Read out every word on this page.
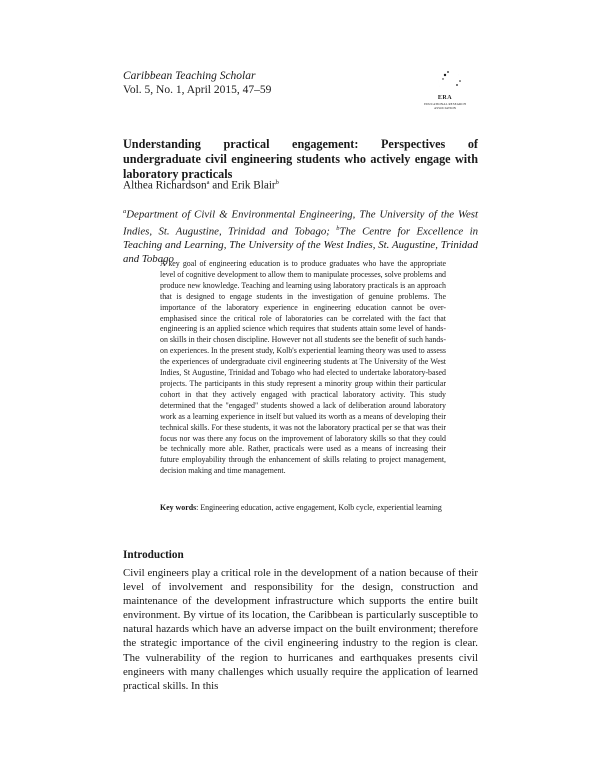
Caribbean Teaching Scholar
Vol. 5, No. 1, April 2015, 47–59
ERA
EDUCATIONAL RESEARCH ASSOCIATION
Understanding practical engagement: Perspectives of undergraduate civil engineering students who actively engage with laboratory practicals
Althea Richardson$^a$ and Erik Blair$^b$
$^a$Department of Civil & Environmental Engineering, The University of the West Indies, St. Augustine, Trinidad and Tobago; $^b$The Centre for Excellence in Teaching and Learning, The University of the West Indies, St. Augustine, Trinidad and Tobago

A key goal of engineering education is to produce graduates who have the appropriate level of cognitive development to allow them to manipulate processes, solve problems and produce new knowledge. Teaching and learning using laboratory practicals is an approach that is designed to engage students in the investigation of genuine problems. The importance of the laboratory experience in engineering education cannot be over-emphasised since the critical role of laboratories can be correlated with the fact that engineering is an applied science which requires that students attain some level of hands-on skills in their chosen discipline. However not all students see the benefit of such hands-on experiences. In the present study, Kolb's experiential learning theory was used to assess the experiences of undergraduate civil engineering students at The University of the West Indies, St Augustine, Trinidad and Tobago who had elected to undertake laboratory-based projects. The participants in this study represent a minority group within their particular cohort in that they actively engaged with practical laboratory activity. This study determined that the "engaged" students showed a lack of deliberation around laboratory work as a learning experience in itself but valued its worth as a means of developing their technical skills. For these students, it was not the laboratory practical per se that was their focus nor was there any focus on the improvement of laboratory skills so that they could be technically more able. Rather, practicals were used as a means of increasing their future employability through the enhancement of skills relating to project management, decision making and time management.

Key words: Engineering education, active engagement, Kolb cycle, experiential learning
Introduction

Civil engineers play a critical role in the development of a nation because of their level of involvement and responsibility for the design, construction and maintenance of the development infrastructure which supports the entire built environment. By virtue of its location, the Caribbean is particularly susceptible to natural hazards which have an adverse impact on the built environment; therefore the strategic importance of the civil engineering industry to the region is clear. The vulnerability of the region to hurricanes and earthquakes presents civil engineers with many challenges which usually require the application of learned practical skills. In this
